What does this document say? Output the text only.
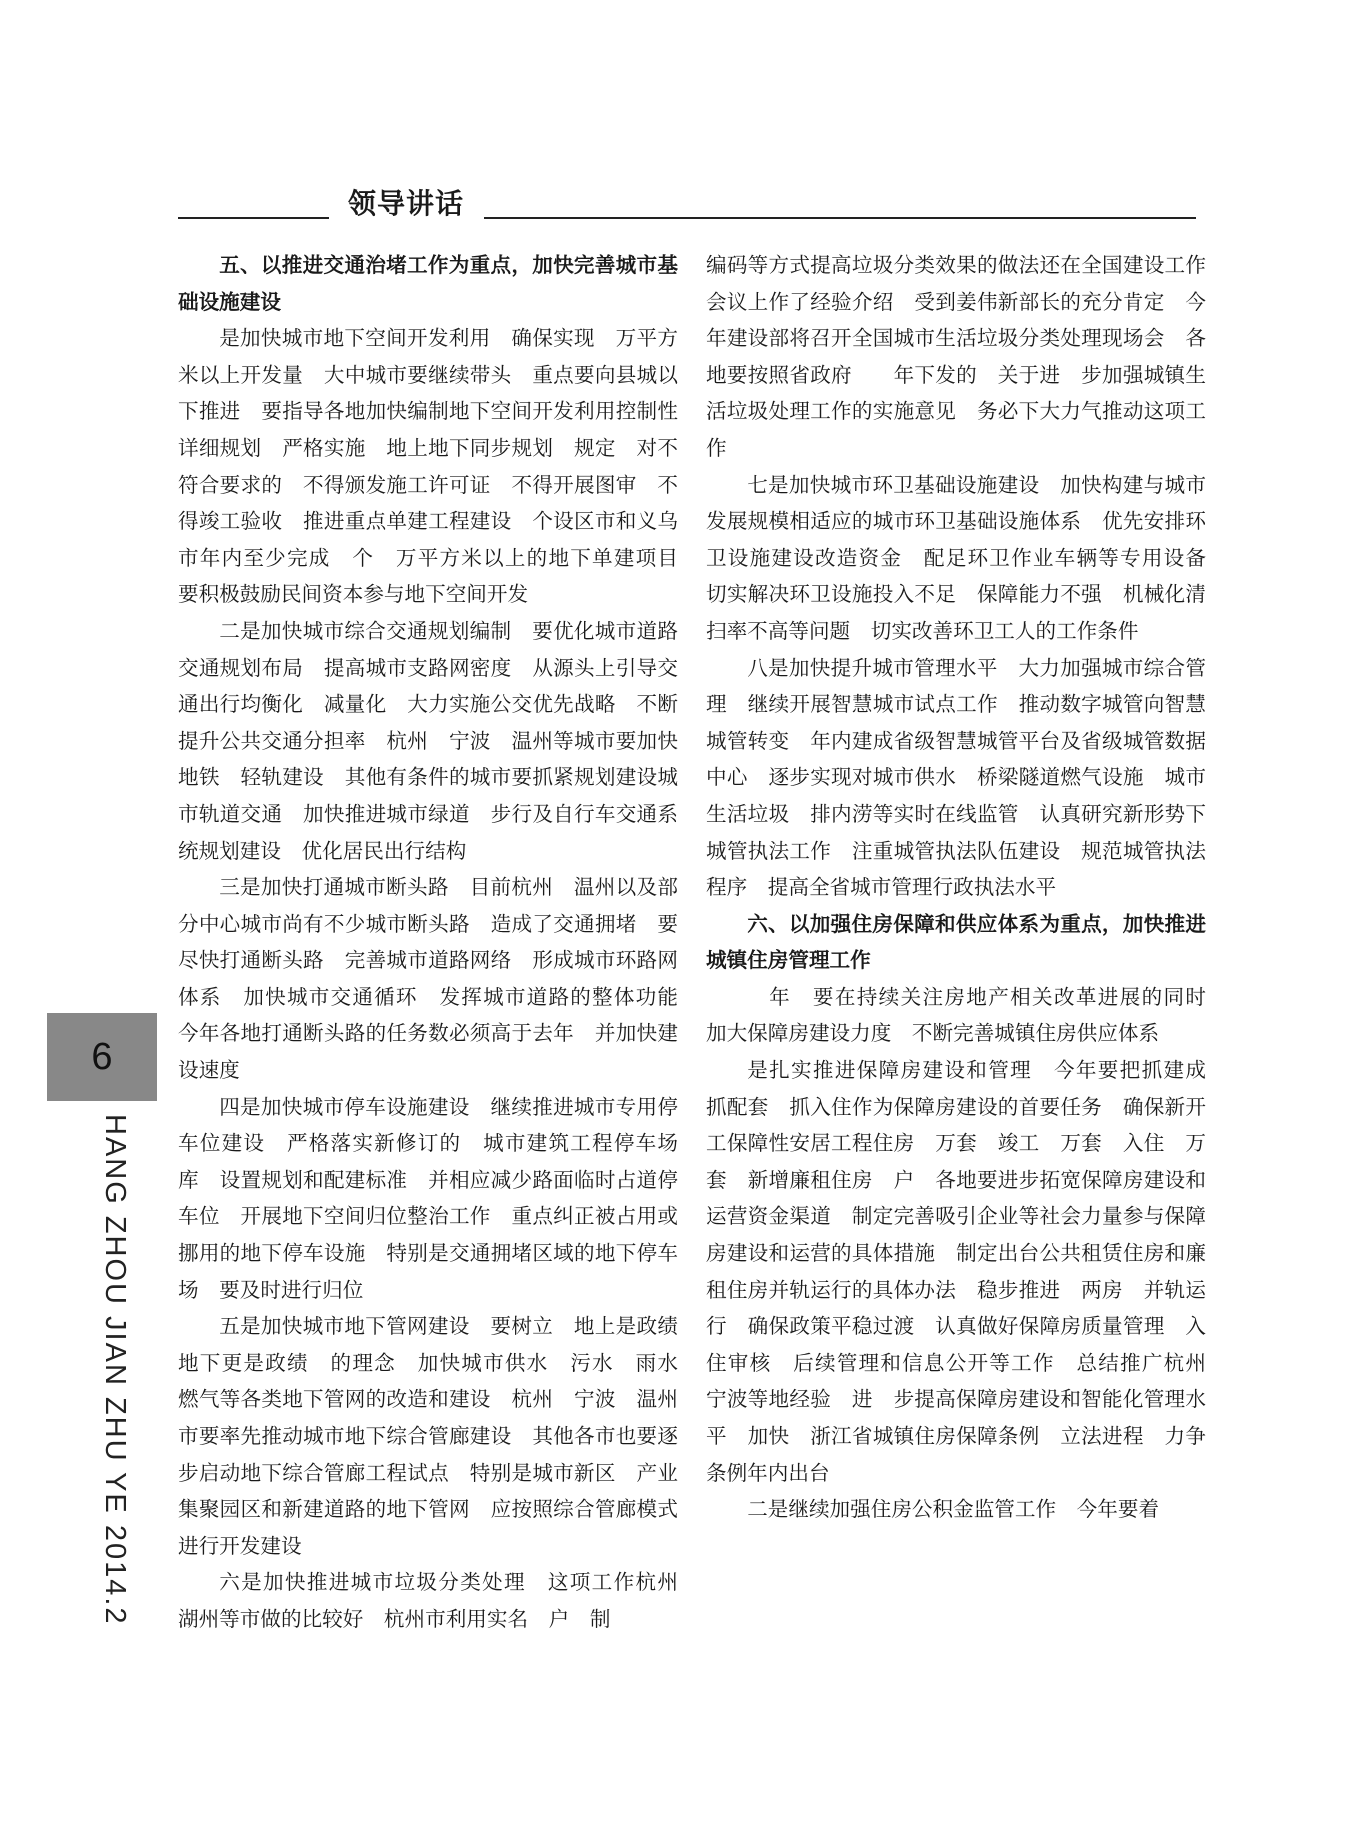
领导讲话

五、以推进交通治堵工作为重点，加快完善城市基础设施建设

是加快城市地下空间开发利用　确保实现　万平方米以上开发量　大中城市要继续带头　重点要向县城以下推进　要指导各地加快编制地下空间开发利用控制性详细规划　严格实施　地上地下同步规划　规定　对不符合要求的　不得颁发施工许可证　不得开展图审　不得竣工验收　推进重点单建工程建设　个设区市和义乌市年内至少完成　个　万平方米以上的地下单建项目　要积极鼓励民间资本参与地下空间开发

二是加快城市综合交通规划编制　要优化城市道路交通规划布局　提高城市支路网密度　从源头上引导交通出行均衡化　减量化　大力实施公交优先战略　不断提升公共交通分担率　杭州　宁波　温州等城市要加快地铁　轻轨建设　其他有条件的城市要抓紧规划建设城市轨道交通　加快推进城市绿道　步行及自行车交通系统规划建设　优化居民出行结构

三是加快打通城市断头路　目前杭州　温州以及部分中心城市尚有不少城市断头路　造成了交通拥堵　要尽快打通断头路　完善城市道路网络　形成城市环路网体系　加快城市交通循环　发挥城市道路的整体功能　今年各地打通断头路的任务数必须高于去年　并加快建设速度

四是加快城市停车设施建设　继续推进城市专用停车位建设　严格落实新修订的　城市建筑工程停车场　库　设置规划和配建标准　并相应减少路面临时占道停车位　开展地下空间归位整治工作　重点纠正被占用或挪用的地下停车设施　特别是交通拥堵区域的地下停车场　要及时进行归位

五是加快城市地下管网建设　要树立　地上是政绩　地下更是政绩　的理念　加快城市供水　污水　雨水　燃气等各类地下管网的改造和建设　杭州　宁波　温州市要率先推动城市地下综合管廊建设　其他各市也要逐步启动地下综合管廊工程试点　特别是城市新区　产业集聚园区和新建道路的地下管网　应按照综合管廊模式进行开发建设

六是加快推进城市垃圾分类处理　这项工作杭州　湖州等市做的比较好　杭州市利用实名　户　制

编码等方式提高垃圾分类效果的做法还在全国建设工作会议上作了经验介绍　受到姜伟新部长的充分肯定　今年建设部将召开全国城市生活垃圾分类处理现场会　各地要按照省政府　　年下发的　关于进　步加强城镇生活垃圾处理工作的实施意见　务必下大力气推动这项工作

七是加快城市环卫基础设施建设　加快构建与城市发展规模相适应的城市环卫基础设施体系　优先安排环卫设施建设改造资金　配足环卫作业车辆等专用设备　切实解决环卫设施投入不足　保障能力不强　机械化清扫率不高等问题　切实改善环卫工人的工作条件

八是加快提升城市管理水平　大力加强城市综合管理　继续开展智慧城市试点工作　推动数字城管向智慧城管转变　年内建成省级智慧城管平台及省级城管数据中心　逐步实现对城市供水　桥梁隧道燃气设施　城市生活垃圾　排内涝等实时在线监管　认真研究新形势下城管执法工作　注重城管执法队伍建设　规范城管执法程序　提高全省城市管理行政执法水平

六、以加强住房保障和供应体系为重点，加快推进城镇住房管理工作

　年　要在持续关注房地产相关改革进展的同时　加大保障房建设力度　不断完善城镇住房供应体系

是扎实推进保障房建设和管理　今年要把抓建成　抓配套　抓入住作为保障房建设的首要任务　确保新开工保障性安居工程住房　万套　竣工　万套　入住　万套　新增廉租住房　户　各地要进步拓宽保障房建设和运营资金渠道　制定完善吸引企业等社会力量参与保障房建设和运营的具体措施　制定出台公共租赁住房和廉租住房并轨运行的具体办法　稳步推进　两房　并轨运行　确保政策平稳过渡　认真做好保障房质量管理　入住审核　后续管理和信息公开等工作　总结推广杭州　宁波等地经验　进　步提高保障房建设和智能化管理水平　加快　浙江省城镇住房保障条例　立法进程　力争条例年内出台

二是继续加强住房公积金监管工作　今年要着

6
HANG ZHOU JIAN ZHU YE 2014.2
